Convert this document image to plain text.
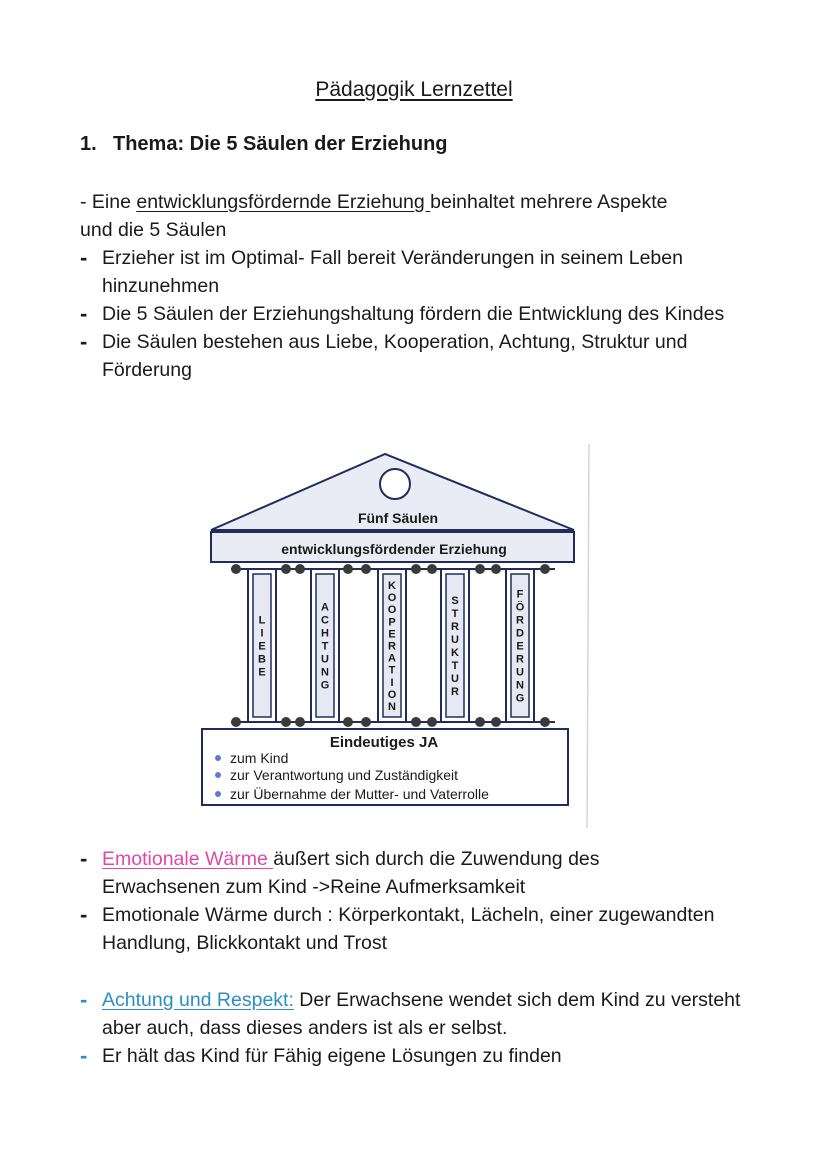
Pädagogik Lernzettel
1. Thema: Die 5 Säulen der Erziehung
- Eine entwicklungsfördernde Erziehung beinhaltet mehrere Aspekte
und die 5 Säulen
- Erzieher ist im Optimal- Fall bereit Veränderungen in seinem Leben hinzunehmen
- Die 5 Säulen der Erziehungshaltung fördern die Entwicklung des Kindes
- Die Säulen bestehen aus Liebe, Kooperation, Achtung, Struktur und Förderung
Fünf Säulen
entwicklungsfördender Erziehung
L
I
E
B
E
A
C
H
T
U
N
G
K
O
O
P
E
R
A
T
I
O
N
S
T
R
U
K
T
U
R
F
Ö
R
D
E
R
U
N
G
Eindeutiges JA
zum Kind
zur Verantwortung und Zuständigkeit
zur Übernahme der Mutter- und Vaterrolle
- Emotionale Wärme äußert sich durch die Zuwendung des
Erwachsenen zum Kind ->Reine Aufmerksamkeit
- Emotionale Wärme durch : Körperkontakt, Lächeln, einer zugewandten Handlung, Blickkontakt und Trost
- Achtung und Respekt: Der Erwachsene wendet sich dem Kind zu versteht aber auch, dass dieses anders ist als er selbst.
- Er hält das Kind für Fähig eigene Lösungen zu finden
